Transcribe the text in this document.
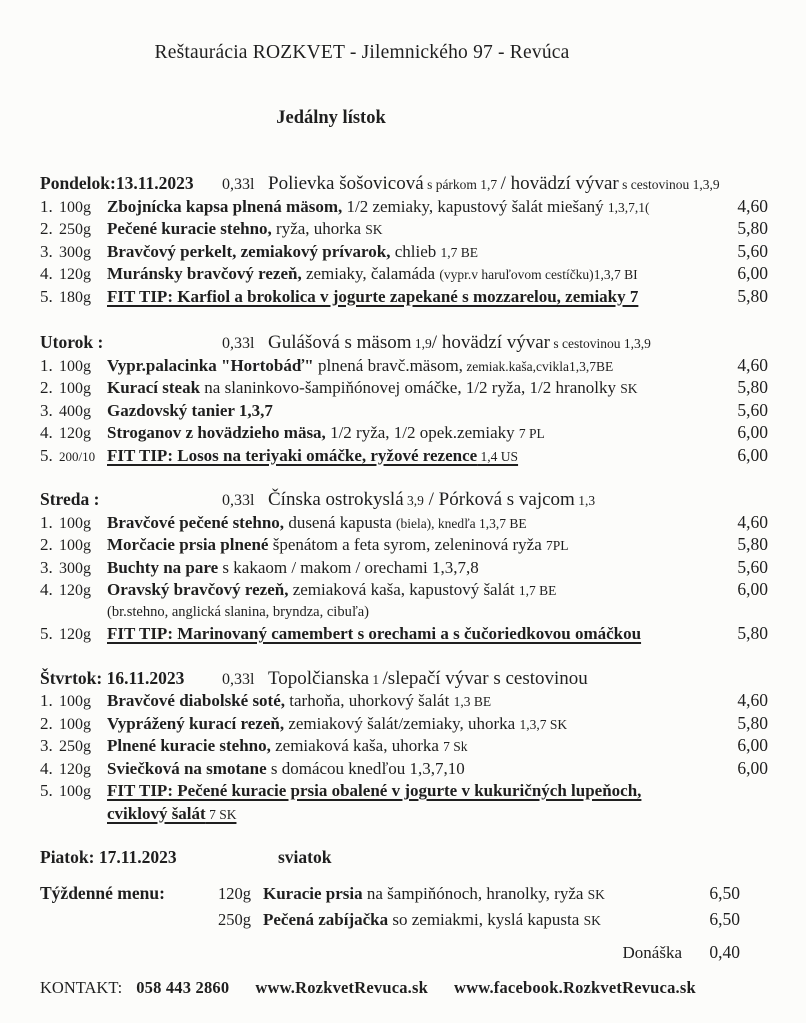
Reštaurácia ROZKVET - Jilemnického 97 - Revúca
Jedálny lístok
Pondelok:13.11.2023	0,33l Polievka šošovicová s párkom 1,7 / hovädzí vývar s cestovinou 1,3,9
1. 100g Zbojnícka kapsa plnená mäsom, 1/2 zemiaky, kapustový šalát miešaný 1,3,7,1(	4,60
2. 250g Pečené kuracie stehno, ryža, uhorka SK	5,80
3. 300g Bravčový perkelt, zemiakový prívarok, chlieb 1,7 BE	5,60
4. 120g Muránsky bravčový rezeň, zemiaky, čalamáda (vypr.v haruľovom cestíčku)1,3,7 BI	6,00
5. 180g FIT TIP: Karfiol a brokolica v jogurte zapekané s mozzarelou, zemiaky 7	5,80
Utorok :	0,33l Gulášová s mäsom 1,9/ hovädzí vývar s cestovinou 1,3,9
1. 100g Vypr.palacinka "Hortobáď" plnená bravč.mäsom, zemiak.kaša,cvikla1,3,7BE	4,60
2. 100g Kurací steak na slaninkovo-šampiňónovej omáčke, 1/2 ryža, 1/2 hranolky SK	5,80
3. 400g Gazdovský tanier 1,3,7	5,60
4. 120g Stroganov z hovädzieho mäsa, 1/2 ryža, 1/2 opek.zemiaky 7 PL	6,00
5. 200/10 FIT TIP: Losos na teriyaki omáčke, ryžové rezence 1,4 US	6,00
Streda :	0,33l Čínska ostrokyslá 3,9 / Pórková s vajcom 1,3
1. 100g Bravčové pečené stehno, dusená kapusta (biela), knedľa 1,3,7 BE	4,60
2. 100g Morčacie prsia plnené špenátom a feta syrom, zeleninová ryža 7PL	5,80
3. 300g Buchty na pare s kakaom / makom / orechami 1,3,7,8	5,60
4. 120g Oravský bravčový rezeň, zemiaková kaša, kapustový šalát 1,7 BE	6,00
(br.stehno, anglická slanina, bryndza, cibuľa)
5. 120g FIT TIP: Marinovaný camembert s orechami a s čučoriedkovou omáčkou	5,80
Štvrtok: 16.11.2023	0,33l Topolčianska 1 /slepačí vývar s cestovinou
1. 100g Bravčové diabolské soté, tarhoňa, uhorkový šalát 1,3 BE	4,60
2. 100g Vyprážený kurací rezeň, zemiakový šalát/zemiaky, uhorka 1,3,7 SK	5,80
3. 250g Plnené kuracie stehno, zemiaková kaša, uhorka 7 Sk	6,00
4. 120g Sviečková na smotane s domácou knedľou 1,3,7,10	6,00
5. 100g FIT TIP: Pečené kuracie prsia obalené v jogurte v kukuričných lupeňoch,
cviklový šalát 7 SK
Piatok: 17.11.2023	sviatok
Týždenné menu:	120g Kuracie prsia na šampiňónoch, hranolky, ryža SK	6,50
250g Pečená zabíjačka so zemiakmi, kyslá kapusta SK	6,50
Donáška	0,40
KONTAKT: 058 443 2860 www.RozkvetRevuca.sk www.facebook.RozkvetRevuca.sk
